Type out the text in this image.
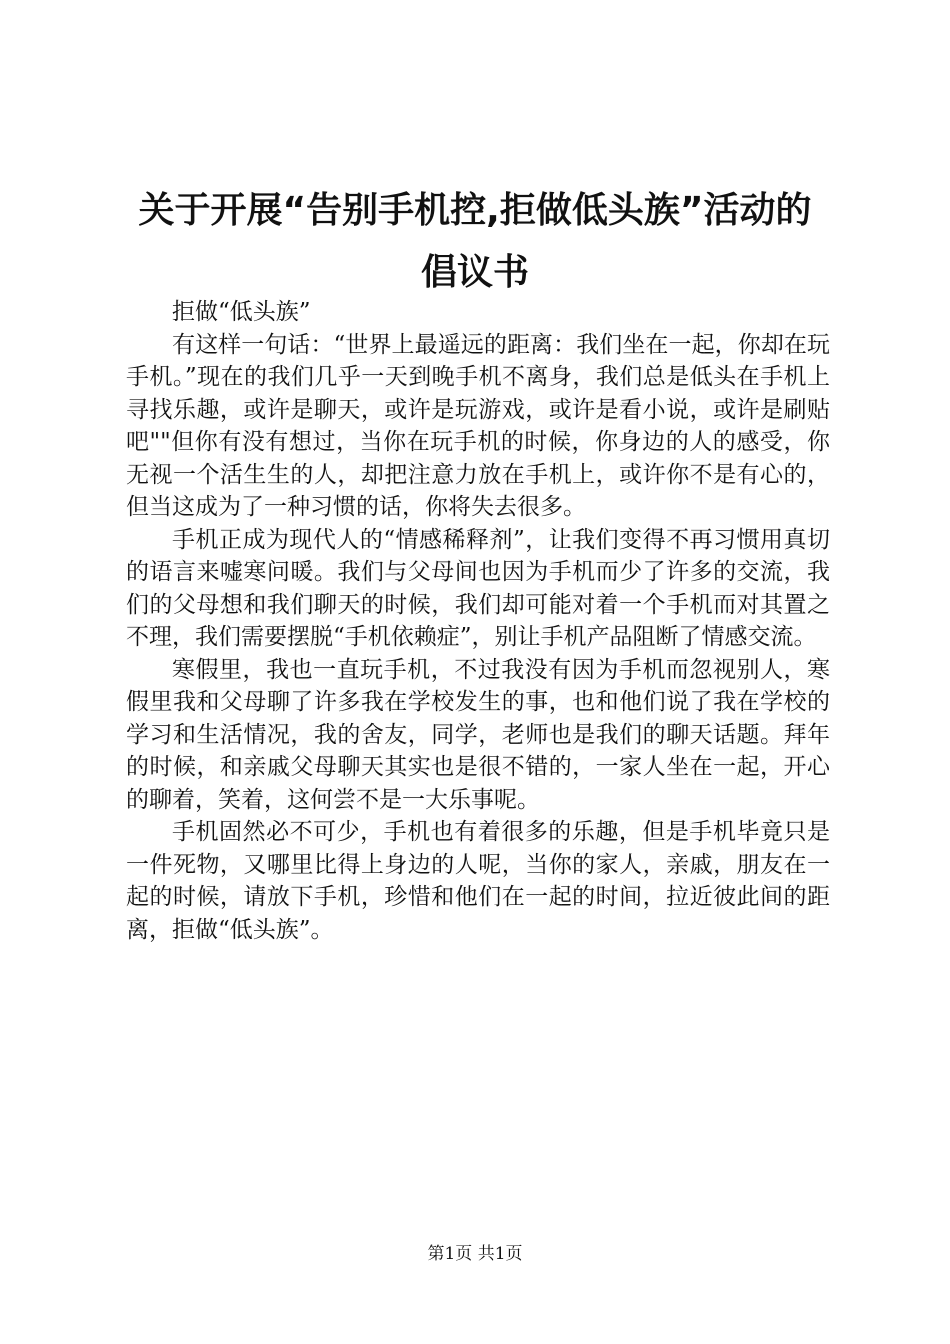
关于开展“告别手机控,拒做低头族”活动的
倡议书

拒做“低头族”

有这样一句话：“世界上最遥远的距离：我们坐在一起，你却在玩手机。”现在的我们几乎一天到晚手机不离身，我们总是低头在手机上寻找乐趣，或许是聊天，或许是玩游戏，或许是看小说，或许是刷贴吧""但你有没有想过，当你在玩手机的时候，你身边的人的感受，你无视一个活生生的人，却把注意力放在手机上，或许你不是有心的，但当这成为了一种习惯的话，你将失去很多。

手机正成为现代人的“情感稀释剂”，让我们变得不再习惯用真切的语言来嘘寒问暖。我们与父母间也因为手机而少了许多的交流，我们的父母想和我们聊天的时候，我们却可能对着一个手机而对其置之不理，我们需要摆脱“手机依赖症”，别让手机产品阻断了情感交流。

寒假里，我也一直玩手机，不过我没有因为手机而忽视别人，寒假里我和父母聊了许多我在学校发生的事，也和他们说了我在学校的学习和生活情况，我的舍友，同学，老师也是我们的聊天话题。拜年的时候，和亲戚父母聊天其实也是很不错的，一家人坐在一起，开心的聊着，笑着，这何尝不是一大乐事呢。

手机固然必不可少，手机也有着很多的乐趣，但是手机毕竟只是一件死物，又哪里比得上身边的人呢，当你的家人，亲戚，朋友在一起的时候，请放下手机，珍惜和他们在一起的时间，拉近彼此间的距离，拒做“低头族”。

第1页 共1页
